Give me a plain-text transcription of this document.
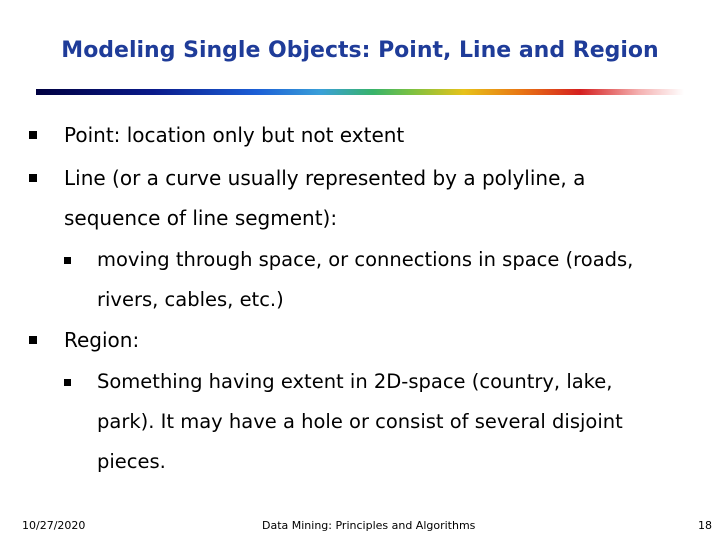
Modeling Single Objects: Point, Line and Region
Point: location only but not extent
Line (or a curve usually represented by a polyline, a
sequence of line segment):
moving through space, or connections in space (roads,
rivers, cables, etc.)
Region:
Something having extent in 2D-space (country, lake,
park). It may have a hole or consist of several disjoint
pieces.
10/27/2020	Data Mining: Principles and Algorithms	18
